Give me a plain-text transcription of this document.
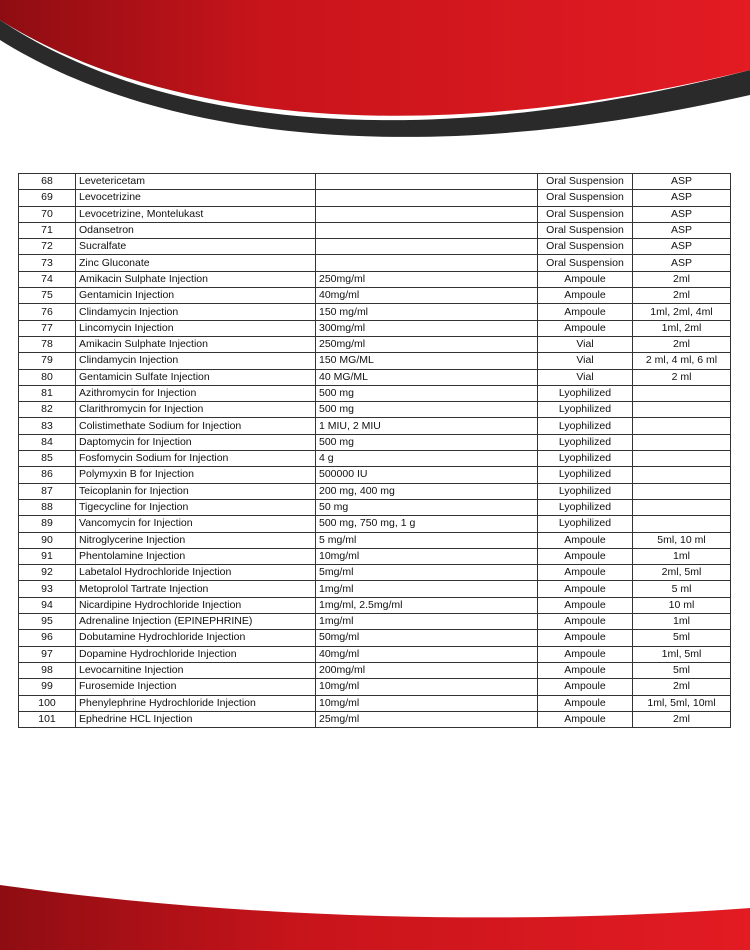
68	Levetericetam		Oral Suspension	ASP
69	Levocetrizine		Oral Suspension	ASP
70	Levocetrizine, Montelukast		Oral Suspension	ASP
71	Odansetron		Oral Suspension	ASP
72	Sucralfate		Oral Suspension	ASP
73	Zinc Gluconate		Oral Suspension	ASP
74	Amikacin Sulphate Injection	250mg/ml	Ampoule	2ml
75	Gentamicin Injection	40mg/ml	Ampoule	2ml
76	Clindamycin Injection	150 mg/ml	Ampoule	1ml, 2ml, 4ml
77	Lincomycin Injection	300mg/ml	Ampoule	1ml, 2ml
78	Amikacin Sulphate Injection	250mg/ml	Vial	2ml
79	Clindamycin Injection	150 MG/ML	Vial	2 ml, 4 ml, 6 ml
80	Gentamicin Sulfate Injection	40 MG/ML	Vial	2 ml
81	Azithromycin for Injection	500 mg	Lyophilized	
82	Clarithromycin for Injection	500 mg	Lyophilized	
83	Colistimethate Sodium for Injection	1 MIU, 2 MIU	Lyophilized	
84	Daptomycin for Injection	500 mg	Lyophilized	
85	Fosfomycin Sodium for Injection	4 g	Lyophilized	
86	Polymyxin B for Injection	500000 IU	Lyophilized	
87	Teicoplanin for Injection	200 mg, 400 mg	Lyophilized	
88	Tigecycline for Injection	50 mg	Lyophilized	
89	Vancomycin for Injection	500 mg, 750 mg, 1 g	Lyophilized	
90	Nitroglycerine Injection	5 mg/ml	Ampoule	5ml, 10 ml
91	Phentolamine Injection	10mg/ml	Ampoule	1ml
92	Labetalol Hydrochloride Injection	5mg/ml	Ampoule	2ml, 5ml
93	Metoprolol Tartrate Injection	1mg/ml	Ampoule	5 ml
94	Nicardipine Hydrochloride Injection	1mg/ml, 2.5mg/ml	Ampoule	10 ml
95	Adrenaline Injection (EPINEPHRINE)	1mg/ml	Ampoule	1ml
96	Dobutamine Hydrochloride Injection	50mg/ml	Ampoule	5ml
97	Dopamine Hydrochloride Injection	40mg/ml	Ampoule	1ml, 5ml
98	Levocarnitine Injection	200mg/ml	Ampoule	5ml
99	Furosemide Injection	10mg/ml	Ampoule	2ml
100	Phenylephrine Hydrochloride Injection	10mg/ml	Ampoule	1ml, 5ml, 10ml
101	Ephedrine HCL Injection	25mg/ml	Ampoule	2ml
